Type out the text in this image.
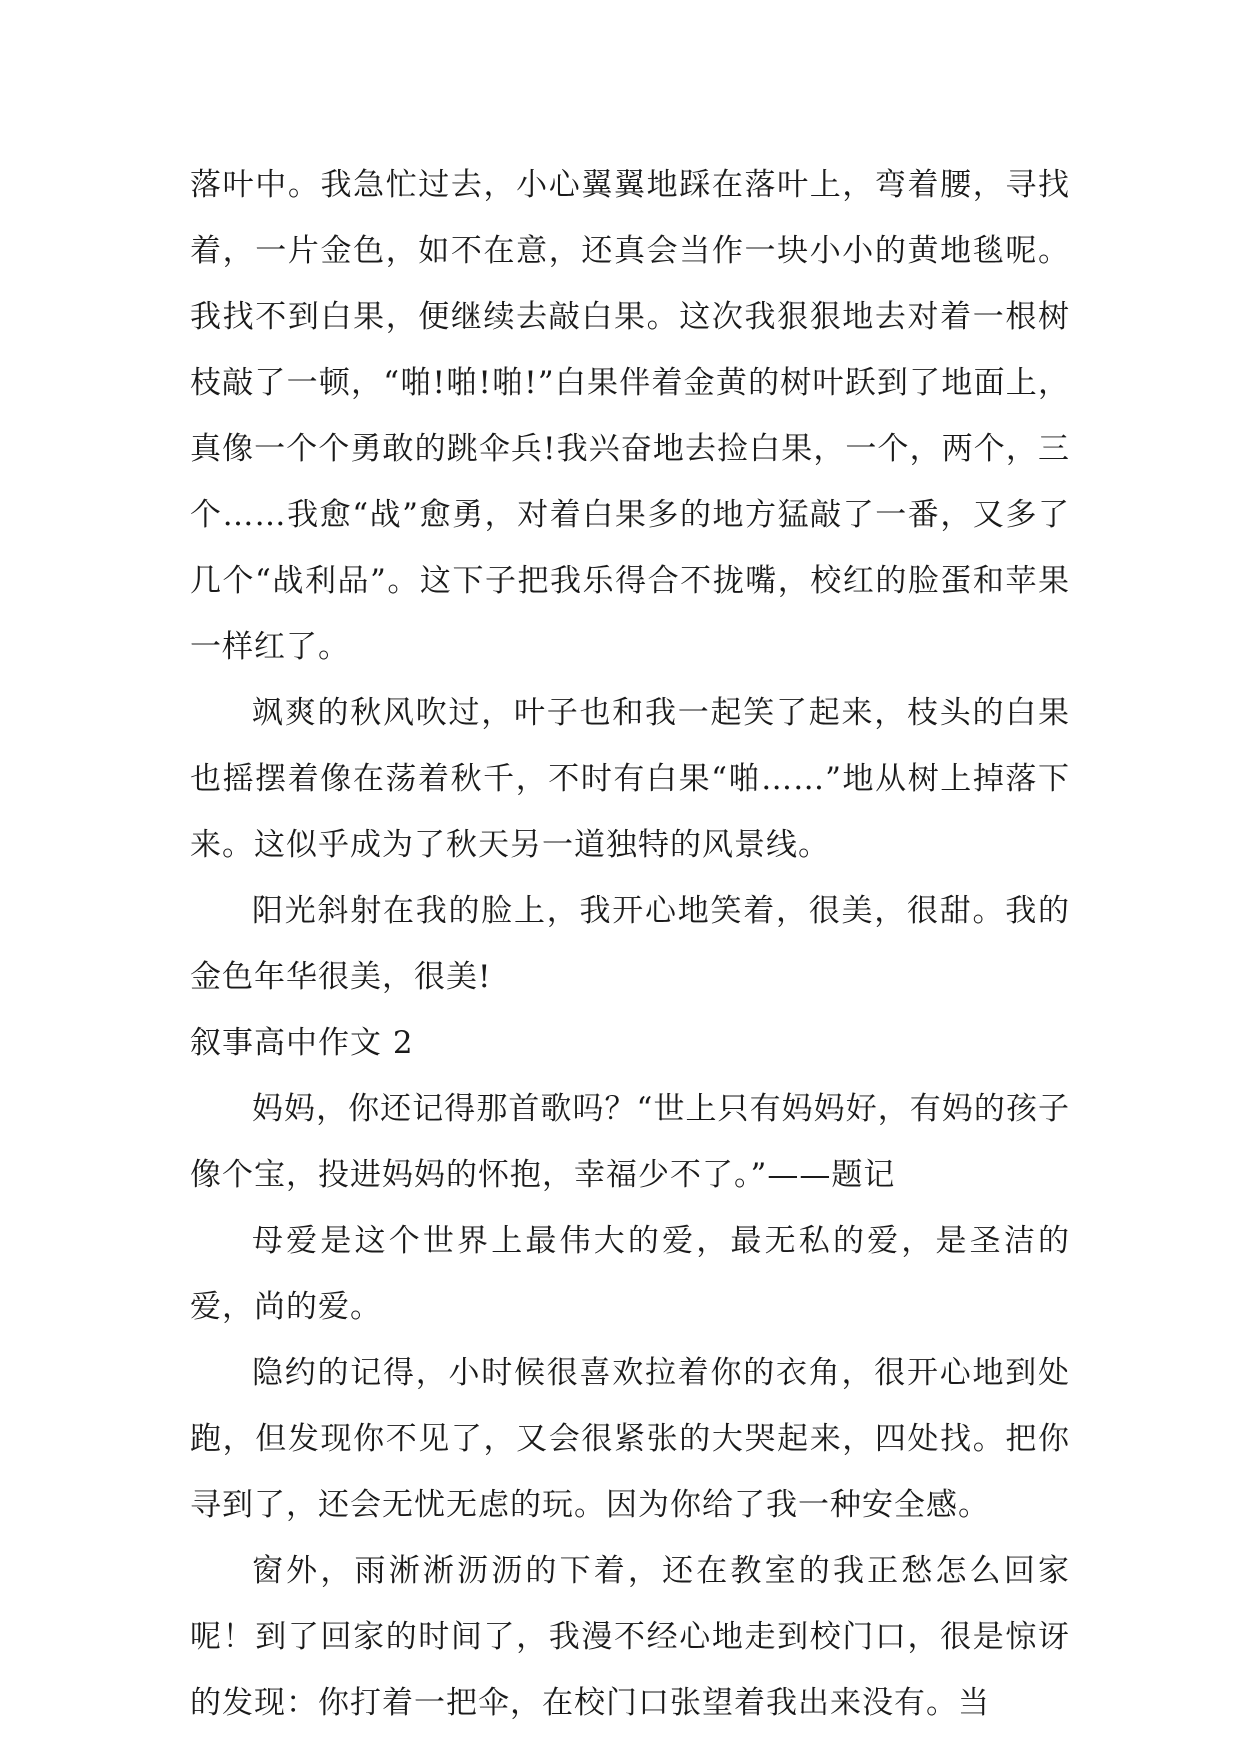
落叶中。我急忙过去，小心翼翼地踩在落叶上，弯着腰，寻找着，一片金色，如不在意，还真会当作一块小小的黄地毯呢。我找不到白果，便继续去敲白果。这次我狠狠地去对着一根树枝敲了一顿，“啪!啪!啪!”白果伴着金黄的树叶跃到了地面上，真像一个个勇敢的跳伞兵!我兴奋地去捡白果，一个，两个，三个……我愈“战”愈勇，对着白果多的地方猛敲了一番，又多了几个“战利品”。这下子把我乐得合不拢嘴，校红的脸蛋和苹果一样红了。

飒爽的秋风吹过，叶子也和我一起笑了起来，枝头的白果也摇摆着像在荡着秋千，不时有白果“啪……”地从树上掉落下来。这似乎成为了秋天另一道独特的风景线。

阳光斜射在我的脸上，我开心地笑着，很美，很甜。我的金色年华很美，很美!

叙事高中作文 2

妈妈，你还记得那首歌吗？“世上只有妈妈好，有妈的孩子像个宝，投进妈妈的怀抱，幸福少不了。”——题记

母爱是这个世界上最伟大的爱，最无私的爱，是圣洁的爱，尚的爱。

隐约的记得，小时候很喜欢拉着你的衣角，很开心地到处跑，但发现你不见了，又会很紧张的大哭起来，四处找。把你寻到了，还会无忧无虑的玩。因为你给了我一种安全感。

窗外，雨淅淅沥沥的下着，还在教室的我正愁怎么回家呢！到了回家的时间了，我漫不经心地走到校门口，很是惊讶的发现：你打着一把伞，在校门口张望着我出来没有。当
